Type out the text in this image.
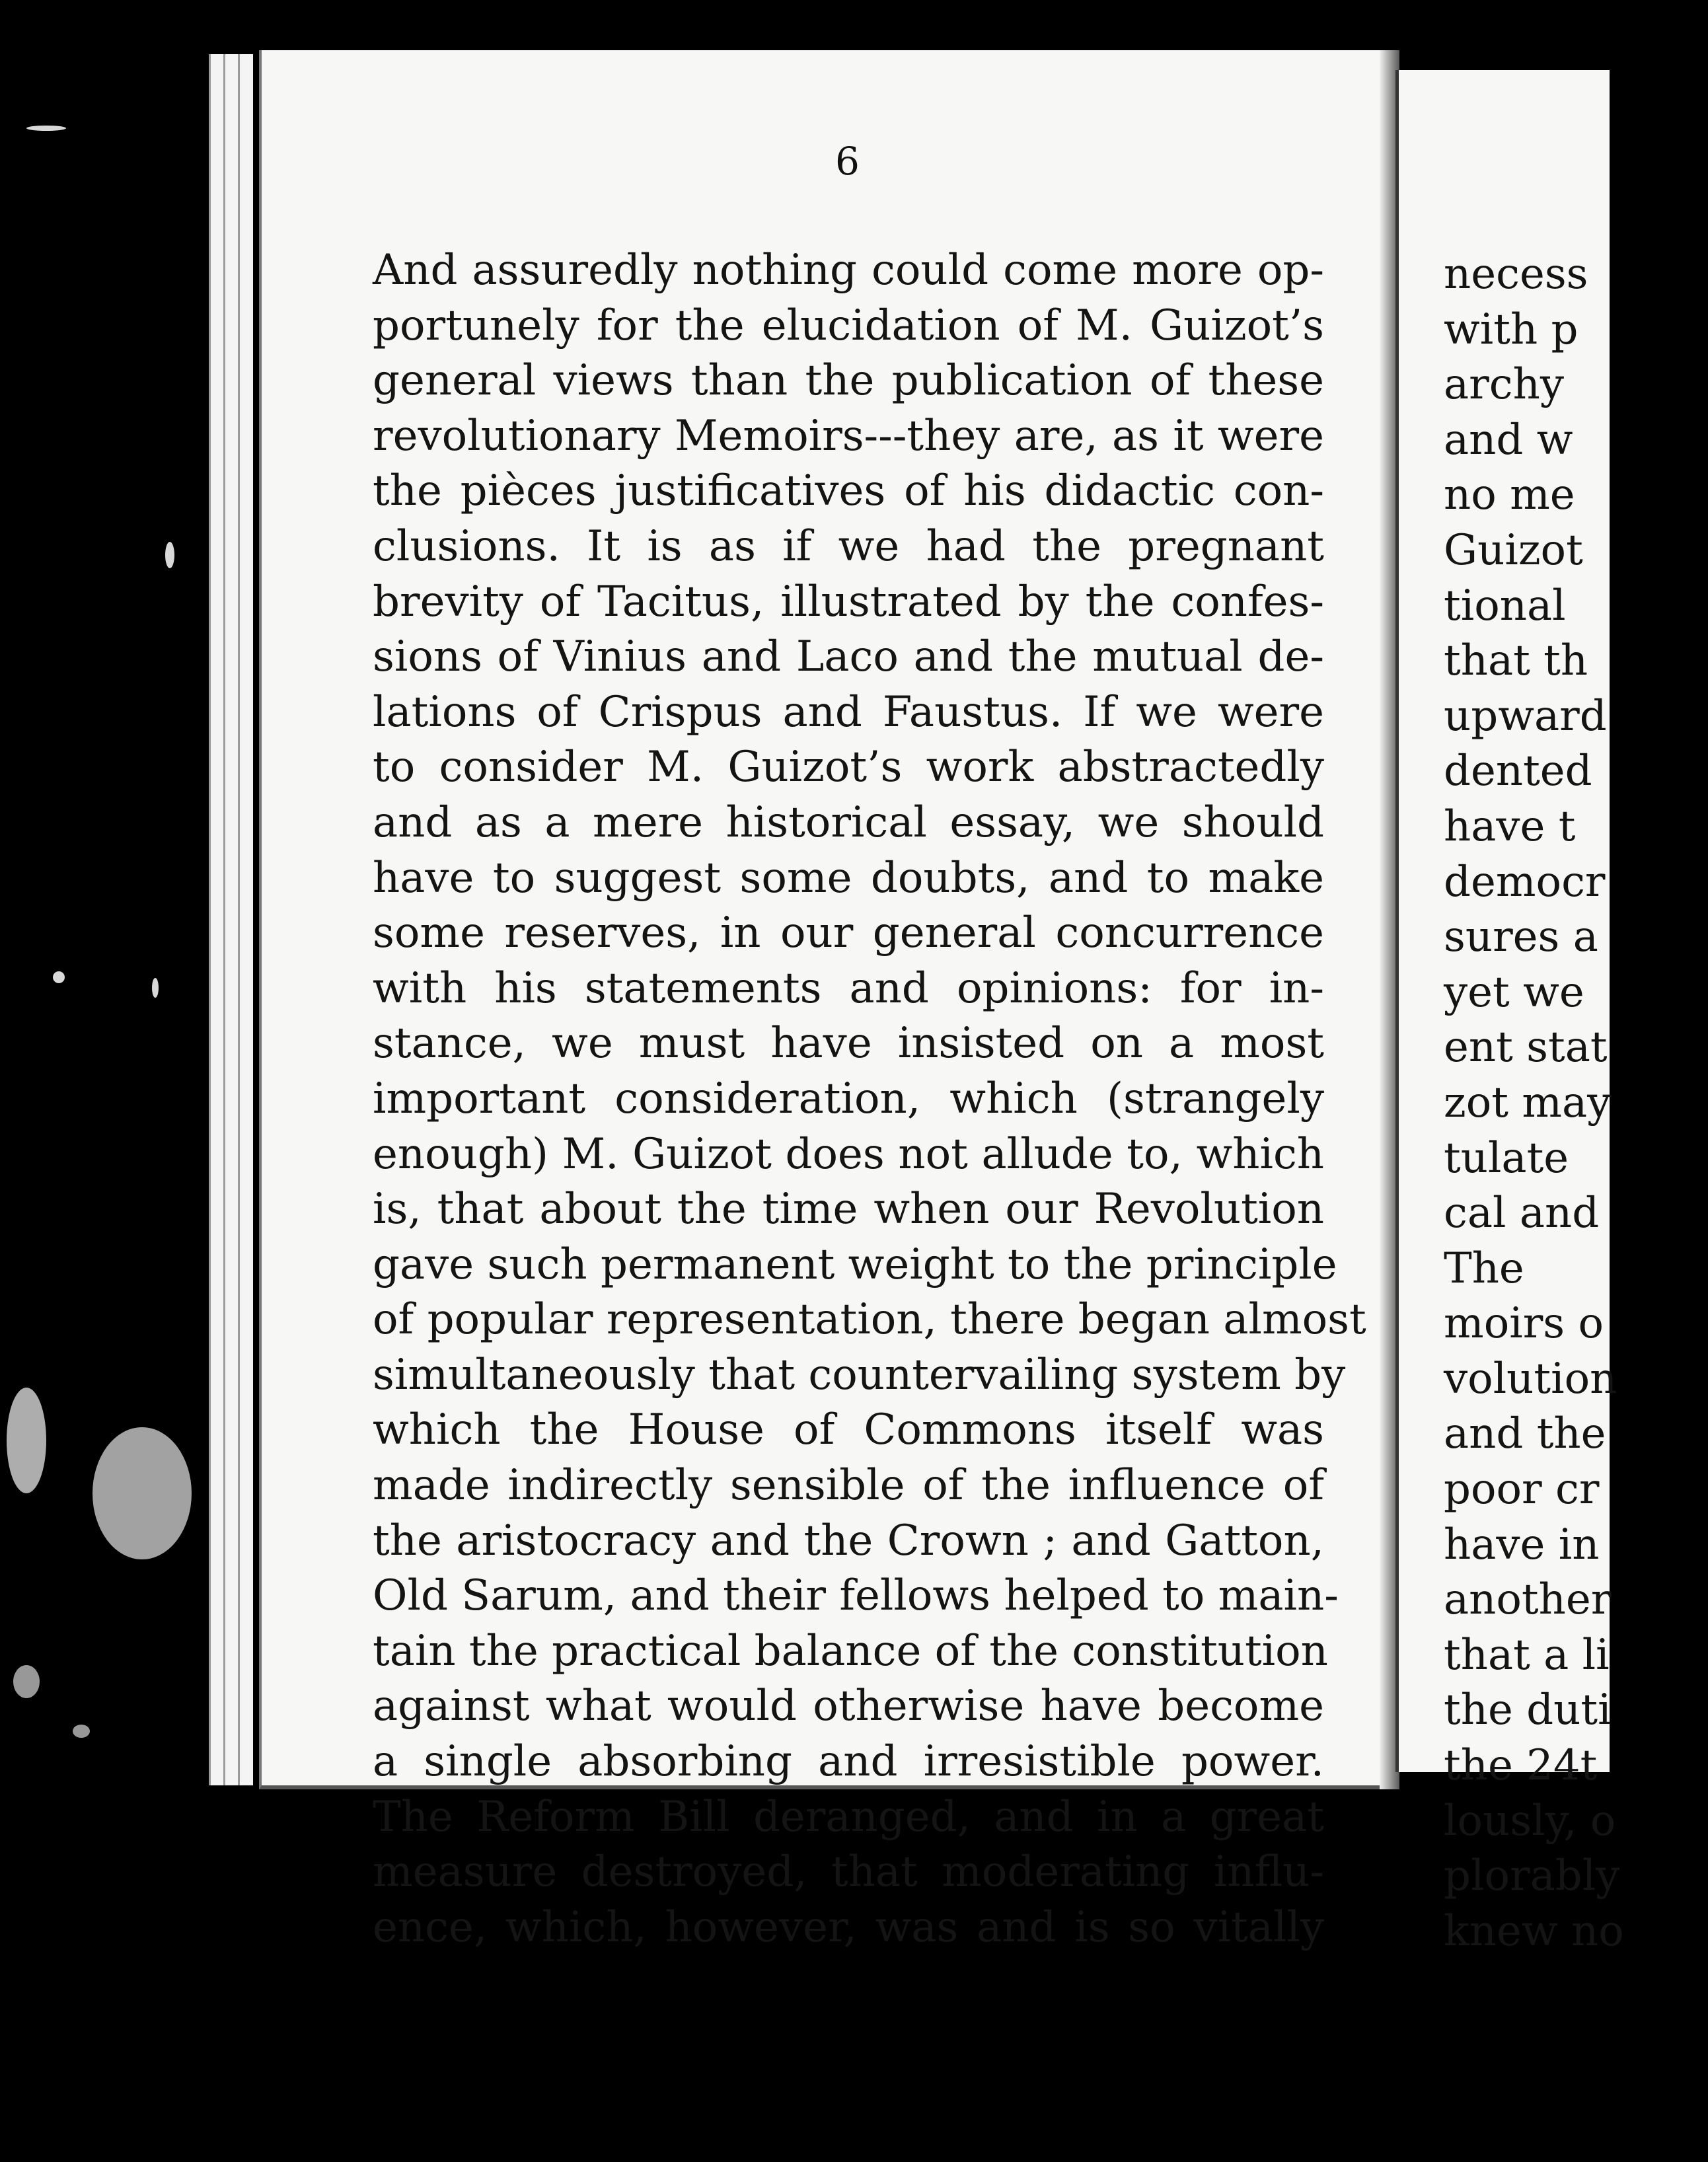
6
And assuredly nothing could come more op-
portunely for the elucidation of M. Guizot’s
general views than the publication of these
revolutionary Memoirs---they are, as it were
the pièces justificatives of his didactic con-
clusions. It is as if we had the pregnant
brevity of Tacitus, illustrated by the confes-
sions of Vinius and Laco and the mutual de-
lations of Crispus and Faustus. If we were
to consider M. Guizot’s work abstractedly
and as a mere historical essay, we should
have to suggest some doubts, and to make
some reserves, in our general concurrence
with his statements and opinions: for in-
stance, we must have insisted on a most
important consideration, which (strangely
enough) M. Guizot does not allude to, which
is, that about the time when our Revolution
gave such permanent weight to the principle
of popular representation, there began almost
simultaneously that countervailing system by
which the House of Commons itself was
made indirectly sensible of the influence of
the aristocracy and the Crown ; and Gatton,
Old Sarum, and their fellows helped to main-
tain the practical balance of the constitution
against what would otherwise have become
a single absorbing and irresistible power.
The Reform Bill deranged, and in a great
measure destroyed, that moderating influ-
ence, which, however, was and is so vitally
necess
with p
archy
and w
no me
Guizot
tional
that th
upward
dented
have t
democr
sures a
yet we
ent stat
zot may
tulate
cal and
The
moirs o
volution
and the
poor cr
have in
another
that a li
the duti
the 24t
lously, o
plorably
knew no
